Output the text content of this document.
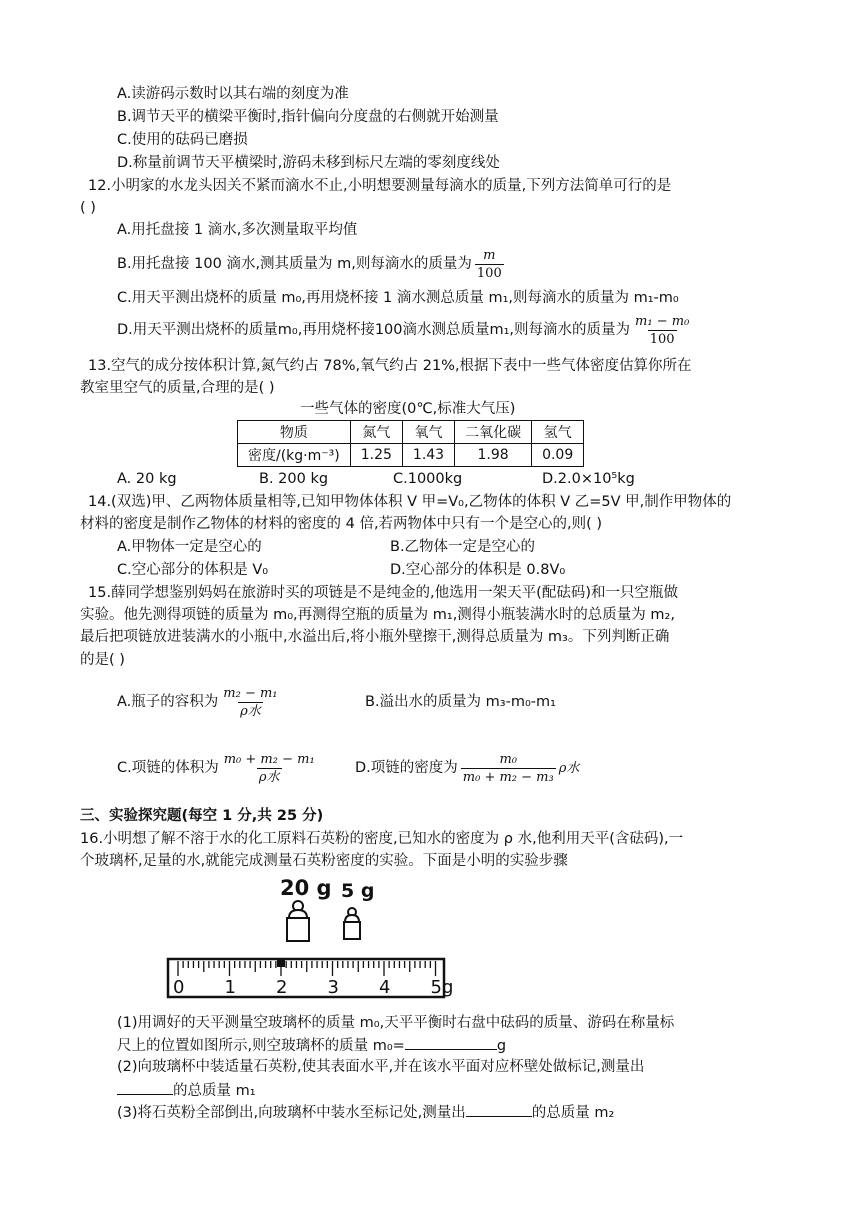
A.读游码示数时以其右端的刻度为准
B.调节天平的横梁平衡时,指针偏向分度盘的右侧就开始测量
C.使用的砝码已磨损
D.称量前调节天平横梁时,游码未移到标尺左端的零刻度线处
12.小明家的水龙头因关不紧而滴水不止,小明想要测量每滴水的质量,下列方法简单可行的是
( )
A.用托盘接 1 滴水,多次测量取平均值
B.用托盘接 100 滴水,测其质量为 m,则每滴水的质量为 $\frac{m}{100}$
C.用天平测出烧杯的质量 m₀,再用烧杯接 1 滴水测总质量 m₁,则每滴水的质量为 m₁-m₀
D.用天平测出烧杯的质量m₀,再用烧杯接100滴水测总质量m₁,则每滴水的质量为 $\frac{\text{m₁ − m₀}}{100}$
13.空气的成分按体积计算,氮气约占 78%,氧气约占 21%,根据下表中一些气体密度估算你所在
教室里空气的质量,合理的是( )
一些气体的密度(0℃,标准大气压)
物质	氮气	氧气	二氧化碳	氢气
密度/(kg·m⁻³)	1.25	1.43	1.98	0.09
A. 20 kg	B. 200 kg	C.1000kg	D.2.0×10⁵kg
14.(双选)甲、乙两物体质量相等,已知甲物体体积 V 甲=V₀,乙物体的体积 V 乙=5V 甲,制作甲物体的
材料的密度是制作乙物体的材料的密度的 4 倍,若两物体中只有一个是空心的,则( )
A.甲物体一定是空心的	B.乙物体一定是空心的
C.空心部分的体积是 V₀	D.空心部分的体积是 0.8V₀
15.薛同学想鉴别妈妈在旅游时买的项链是不是纯金的,他选用一架天平(配砝码)和一只空瓶做
实验。他先测得项链的质量为 m₀,再测得空瓶的质量为 m₁,测得小瓶装满水时的总质量为 m₂,
最后把项链放进装满水的小瓶中,水溢出后,将小瓶外壁擦干,测得总质量为 m₃。下列判断正确
的是( )
A.瓶子的容积为 $\frac{\text{m₂ − m₁}}{\text{ρ水}}$	B.溢出水的质量为 m₃-m₀-m₁
C.项链的体积为 $\frac{\text{m₀ + m₂ − m₁}}{\text{ρ水}}$	D.项链的密度为 $\frac{\text{m₀}}{\text{m₀ + m₂ − m₃}}$ ρ水
三、实验探究题(每空 1 分,共 25 分)
16.小明想了解不溶于水的化工原料石英粉的密度,已知水的密度为 ρ 水,他利用天平(含砝码),一
个玻璃杯,足量的水,就能完成测量石英粉密度的实验。下面是小明的实验步骤
20 g 5 g
0 1 2 3 4 5g
(1)用调好的天平测量空玻璃杯的质量 m₀,天平平衡时右盘中砝码的质量、游码在称量标
尺上的位置如图所示,则空玻璃杯的质量 m₀=	g
(2)向玻璃杯中装适量石英粉,使其表面水平,并在该水平面对应杯壁处做标记,测量出
的总质量 m₁
(3)将石英粉全部倒出,向玻璃杯中装水至标记处,测量出	的总质量 m₂
